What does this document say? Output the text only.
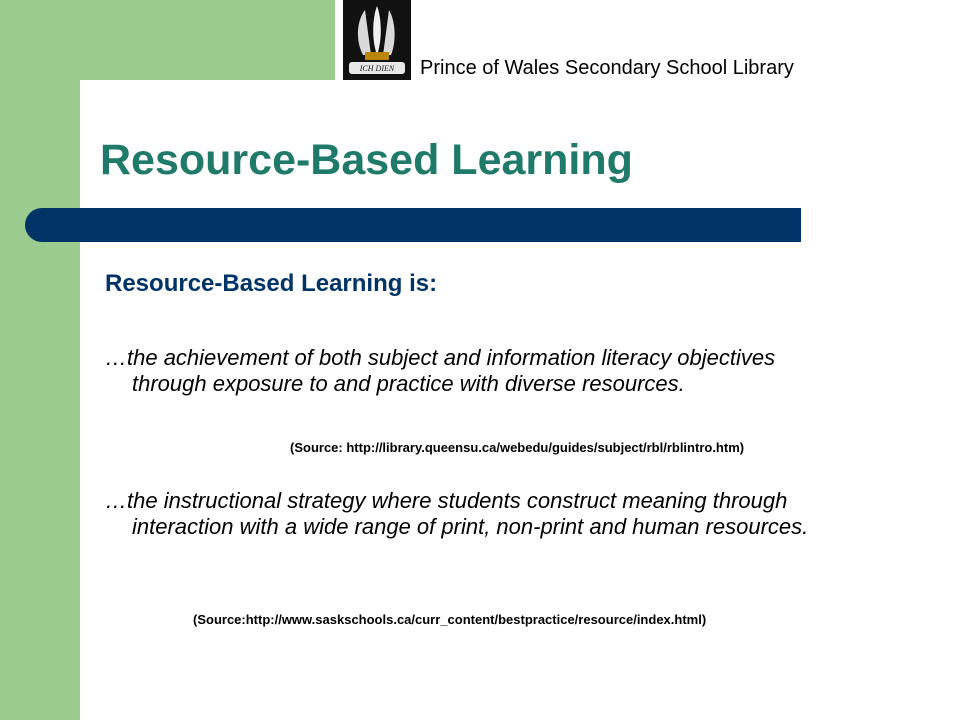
ICH DIEN Prince of Wales Secondary School Library
Resource-Based Learning
Resource-Based Learning is:
…the achievement of both subject and information literacy objectives through exposure to and practice with diverse resources.
(Source: http://library.queensu.ca/webedu/guides/subject/rbl/rblintro.htm)
…the instructional strategy where students construct meaning through interaction with a wide range of print, non-print and human resources.
(Source:http://www.saskschools.ca/curr_content/bestpractice/resource/index.html)
